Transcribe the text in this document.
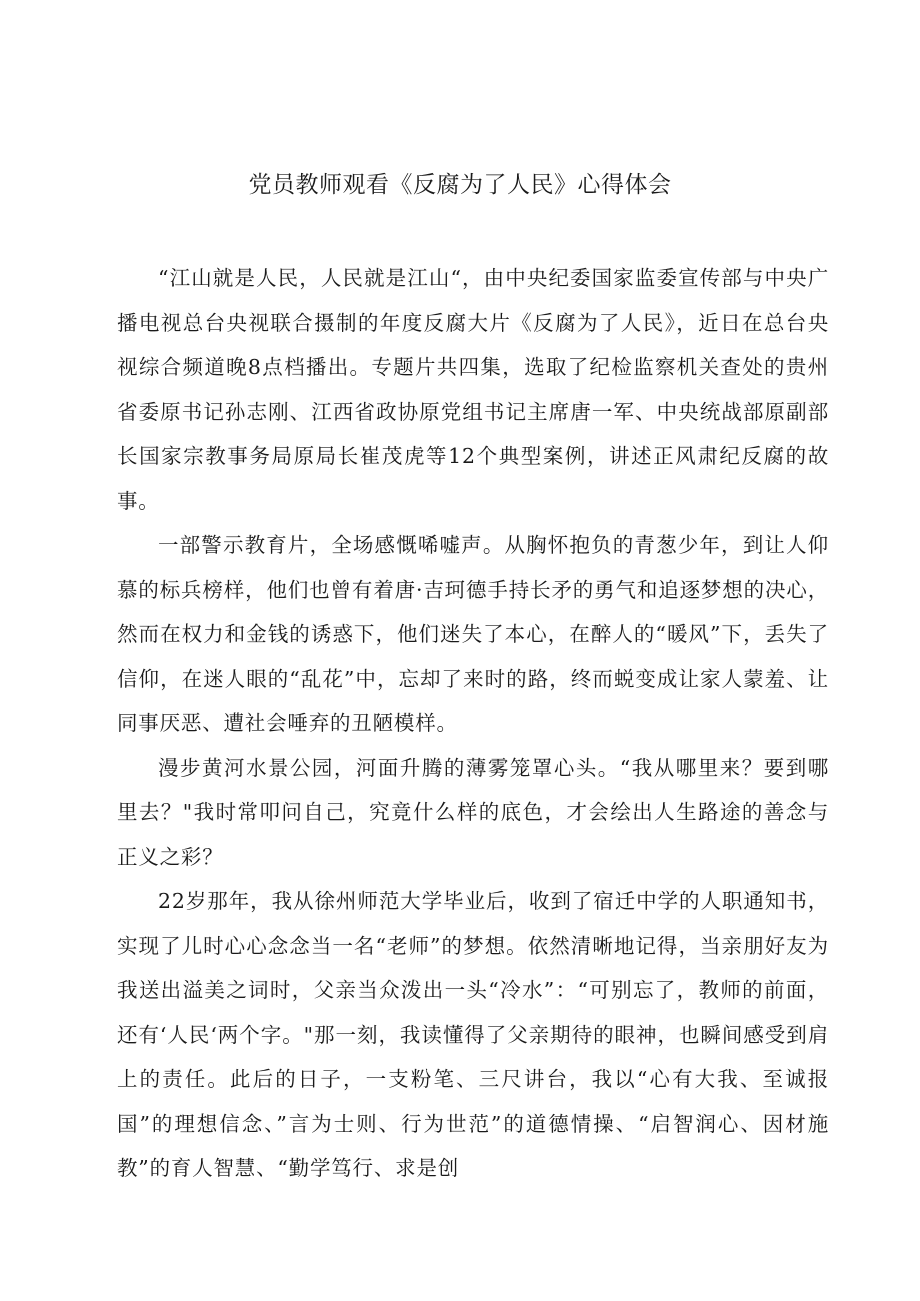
党员教师观看《反腐为了人民》心得体会

“江山就是人民，人民就是江山“，由中央纪委国家监委宣传部与中央广播电视总台央视联合摄制的年度反腐大片《反腐为了人民》，近日在总台央视综合频道晚8点档播出。专题片共四集，选取了纪检监察机关查处的贵州省委原书记孙志刚、江西省政协原党组书记主席唐一军、中央统战部原副部长国家宗教事务局原局长崔茂虎等12个典型案例，讲述正风肃纪反腐的故事。

一部警示教育片，全场感慨唏嘘声。从胸怀抱负的青葱少年，到让人仰慕的标兵榜样，他们也曾有着唐·吉珂德手持长矛的勇气和追逐梦想的决心，然而在权力和金钱的诱惑下，他们迷失了本心，在醉人的“暖风”下，丢失了信仰，在迷人眼的“乱花”中，忘却了来时的路，终而蜕变成让家人蒙羞、让同事厌恶、遭社会唾弃的丑陋模样。

漫步黄河水景公园，河面升腾的薄雾笼罩心头。“我从哪里来？要到哪里去？"我时常叩问自己，究竟什么样的底色，才会绘出人生路途的善念与正义之彩？

22岁那年，我从徐州师范大学毕业后，收到了宿迁中学的人职通知书，实现了儿时心心念念当一名“老师”的梦想。依然清晰地记得，当亲朋好友为我送出溢美之词时，父亲当众泼出一头“冷水”：“可别忘了，教师的前面，还有‘人民‘两个字。"那一刻，我读懂得了父亲期待的眼神，也瞬间感受到肩上的责任。此后的日子，一支粉笔、三尺讲台，我以“心有大我、至诚报国”的理想信念、”言为士则、行为世范”的道德情操、“启智润心、因材施教”的育人智慧、“勤学笃行、求是创
